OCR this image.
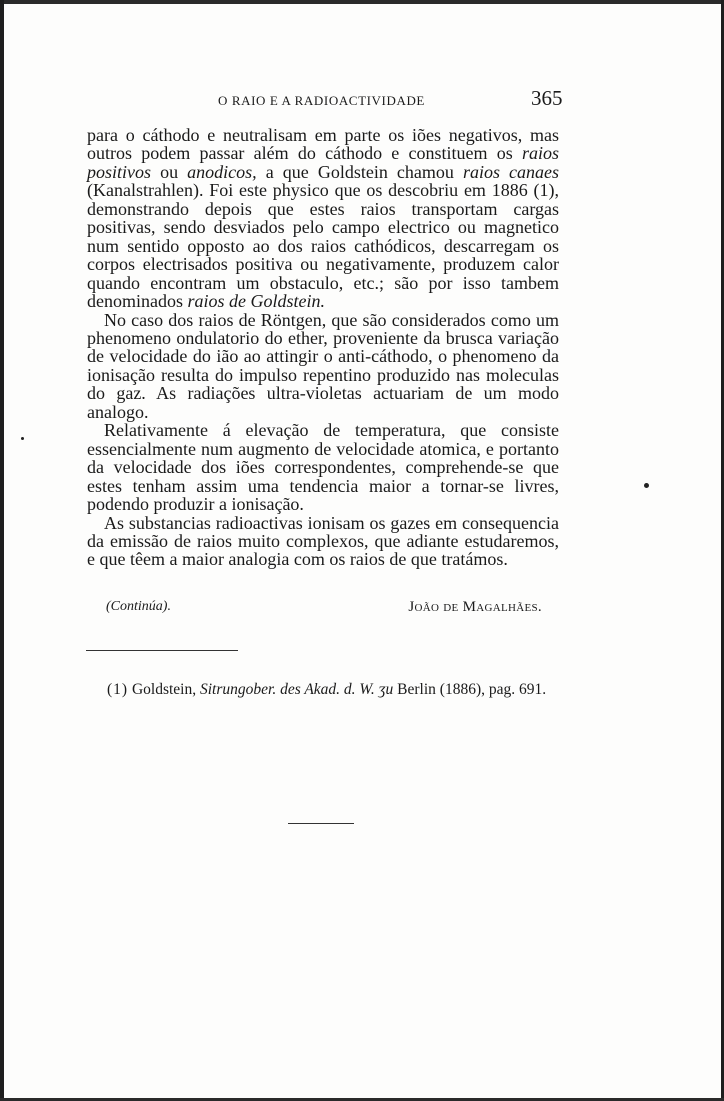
O RAIO E A RADIOACTIVIDADE	365

para o cáthodo e neutralisam em parte os iões negativos, mas outros podem passar além do cáthodo e constituem os raios positivos ou anodicos, a que Goldstein chamou raios canaes (Kanalstrahlen). Foi este physico que os descobriu em 1886 (1), demonstrando depois que estes raios transportam cargas positivas, sendo desviados pelo campo electrico ou magnetico num sentido opposto ao dos raios cathódicos, descarregam os corpos electrisados positiva ou negativamente, produzem calor quando encontram um obstaculo, etc.; são por isso tambem denominados raios de Goldstein.

No caso dos raios de Röntgen, que são considerados como um phenomeno ondulatorio do ether, proveniente da brusca variação de velocidade do ião ao attingir o anti-cáthodo, o phenomeno da ionisação resulta do impulso repentino produzido nas moleculas do gaz. As radiações ultra-violetas actuariam de um modo analogo.

Relativamente á elevação de temperatura, que consiste essencialmente num augmento de velocidade atomica, e portanto da velocidade dos iões correspondentes, comprehende-se que estes tenham assim uma tendencia maior a tornar-se livres, podendo produzir a ionisação.

As substancias radioactivas ionisam os gazes em consequencia da emissão de raios muito complexos, que adiante estudaremos, e que têem a maior analogia com os raios de que tratámos.

(Continúa).	João de Magalhães.
(1) Goldstein, Sitrungober. des Akad. d. W. ʒu Berlin (1886), pag. 691.
